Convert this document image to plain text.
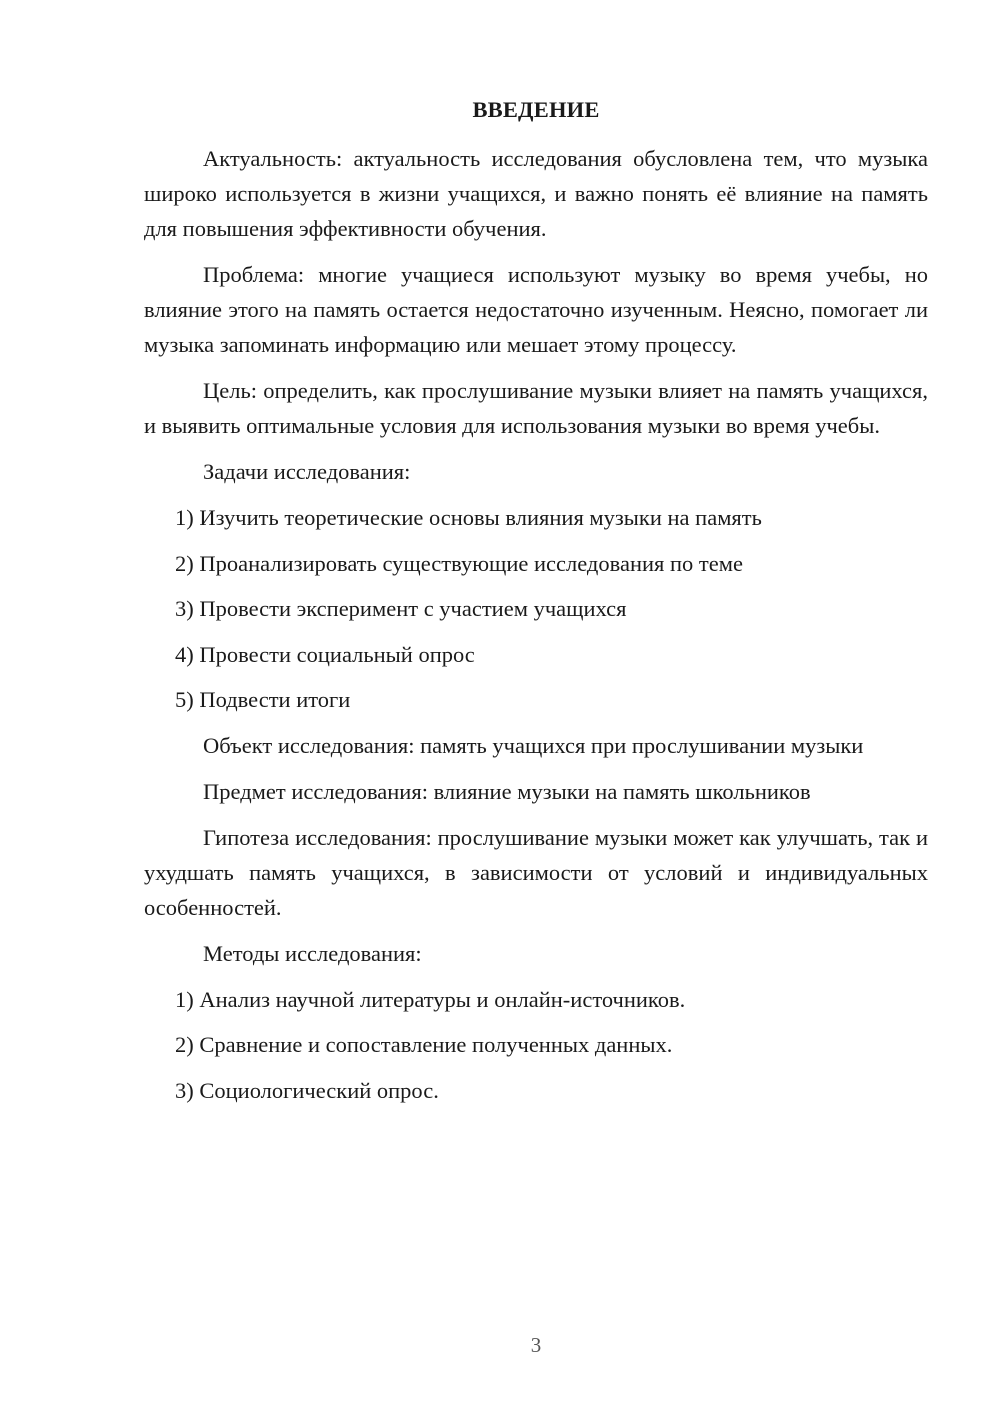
ВВЕДЕНИЕ

Актуальность: актуальность исследования обусловлена тем, что музыка широко используется в жизни учащихся, и важно понять её влияние на память для повышения эффективности обучения.

Проблема: многие учащиеся используют музыку во время учебы, но влияние этого на память остается недостаточно изученным. Неясно, помогает ли музыка запоминать информацию или мешает этому процессу.

Цель: определить, как прослушивание музыки влияет на память учащихся, и выявить оптимальные условия для использования музыки во время учебы.

Задачи исследования:

1) Изучить теоретические основы влияния музыки на память
2) Проанализировать существующие исследования по теме
3) Провести эксперимент с участием учащихся
4) Провести социальный опрос
5) Подвести итоги

Объект исследования: память учащихся при прослушивании музыки

Предмет исследования: влияние музыки на память школьников

Гипотеза исследования: прослушивание музыки может как улучшать, так и ухудшать память учащихся, в зависимости от условий и индивидуальных особенностей.

Методы исследования:

1) Анализ научной литературы и онлайн-источников.
2) Сравнение и сопоставление полученных данных.
3) Социологический опрос.
3
